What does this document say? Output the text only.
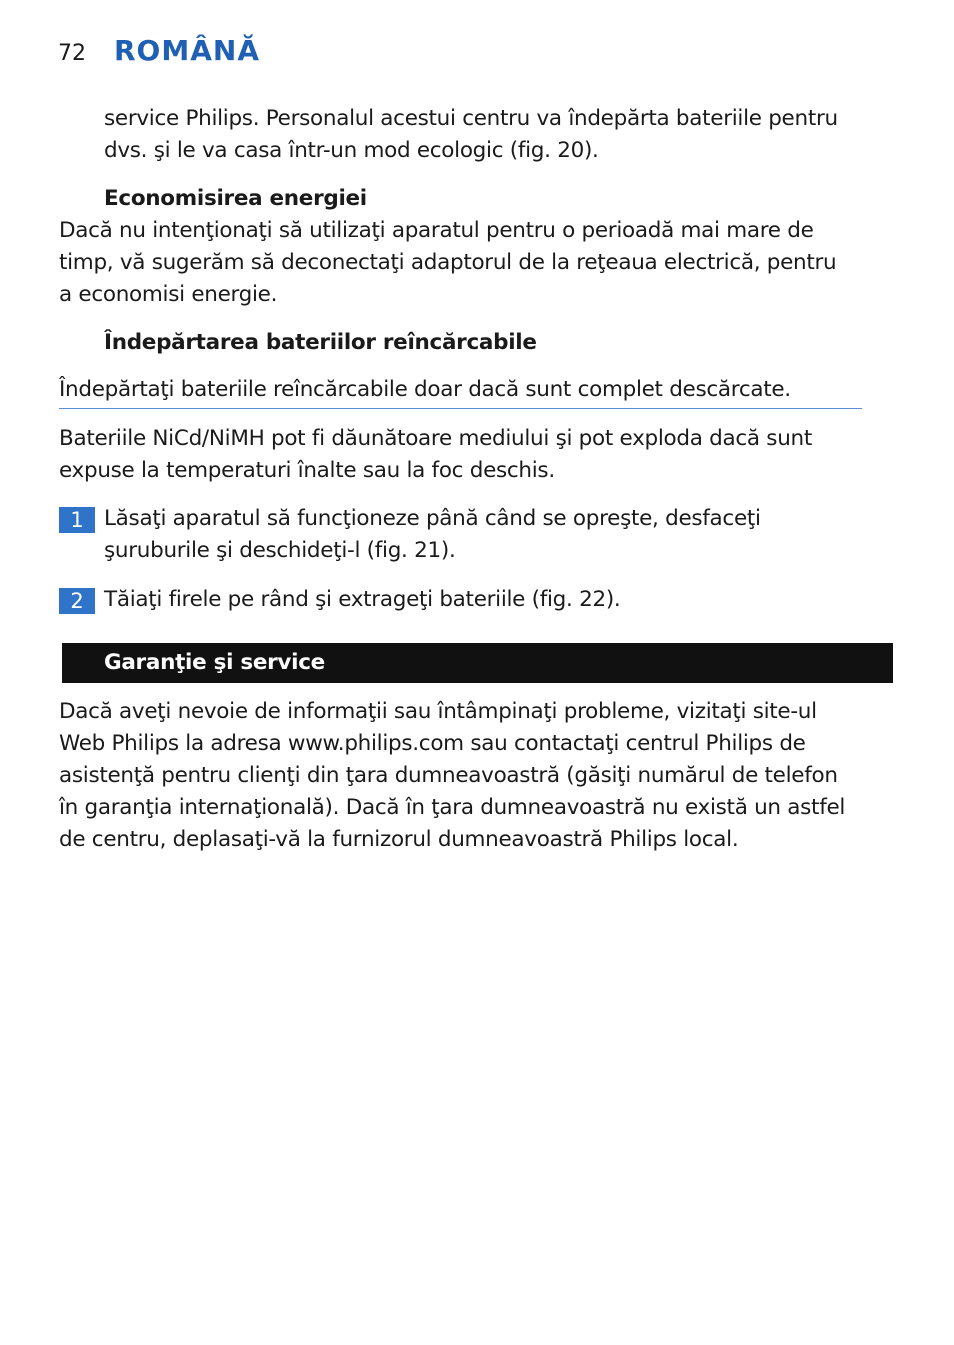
72 ROMÂNĂ

service Philips. Personalul acestui centru va îndepărta bateriile pentru
dvs. şi le va casa într-un mod ecologic (fig. 20).

Economisirea energiei

Dacă nu intenţionaţi să utilizaţi aparatul pentru o perioadă mai mare de
timp, vă sugerăm să deconectaţi adaptorul de la reţeaua electrică, pentru
a economisi energie.

Îndepărtarea bateriilor reîncărcabile

Îndepărtaţi bateriile reîncărcabile doar dacă sunt complet descărcate.

Bateriile NiCd/NiMH pot fi dăunătoare mediului şi pot exploda dacă sunt
expuse la temperaturi înalte sau la foc deschis.

1 Lăsaţi aparatul să funcţioneze până când se opreşte, desfaceţi
şuruburile şi deschideţi-l (fig. 21).

2 Tăiaţi firele pe rând şi extrageţi bateriile (fig. 22).

Garanţie şi service

Dacă aveţi nevoie de informaţii sau întâmpinaţi probleme, vizitaţi site-ul
Web Philips la adresa www.philips.com sau contactaţi centrul Philips de
asistenţă pentru clienţi din ţara dumneavoastră (găsiţi numărul de telefon
în garanţia internaţională). Dacă în ţara dumneavoastră nu există un astfel
de centru, deplasaţi-vă la furnizorul dumneavoastră Philips local.
